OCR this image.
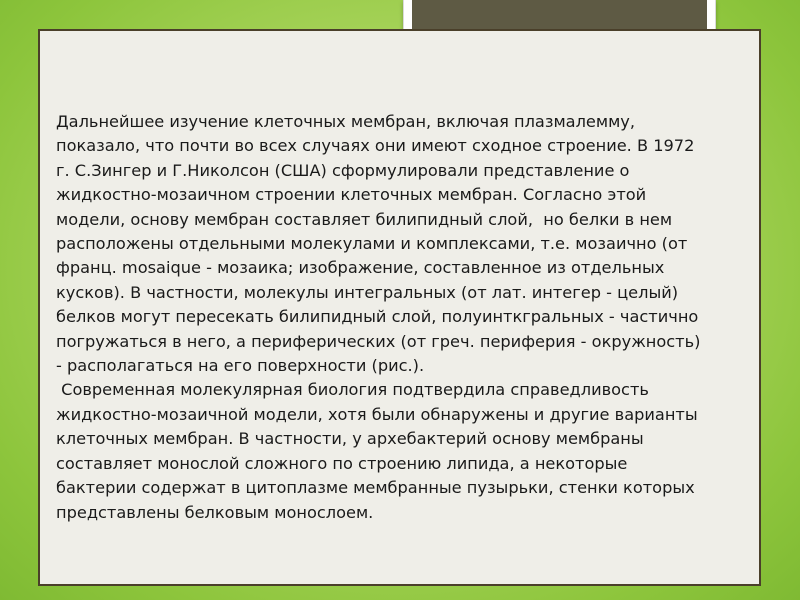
Дальнейшее изучение клеточных мембран, включая плазмалемму,
показало, что почти во всех случаях они имеют сходное строение. В 1972
г. С.Зингер и Г.Николсон (США) сформулировали представление о
жидкостно-мозаичном строении клеточных мембран. Согласно этой
модели, основу мембран составляет билипидный слой,  но белки в нем
расположены отдельными молекулами и комплексами, т.е. мозаично (от
франц. mosaique - мозаика; изображение, составленное из отдельных
кусков). В частности, молекулы интегральных (от лат. интегер - целый)
белков могут пересекать билипидный слой, полуинткгральных - частично
погружаться в него, а периферических (от греч. периферия - окружность)
- располагаться на его поверхности (рис.).
Современная молекулярная биология подтвердила справедливость
жидкостно-мозаичной модели, хотя были обнаружены и другие варианты
клеточных мембран. В частности, у архебактерий основу мембраны
составляет монослой сложного по строению липида, а некоторые
бактерии содержат в цитоплазме мембранные пузырьки, стенки которых
представлены белковым монослоем.
